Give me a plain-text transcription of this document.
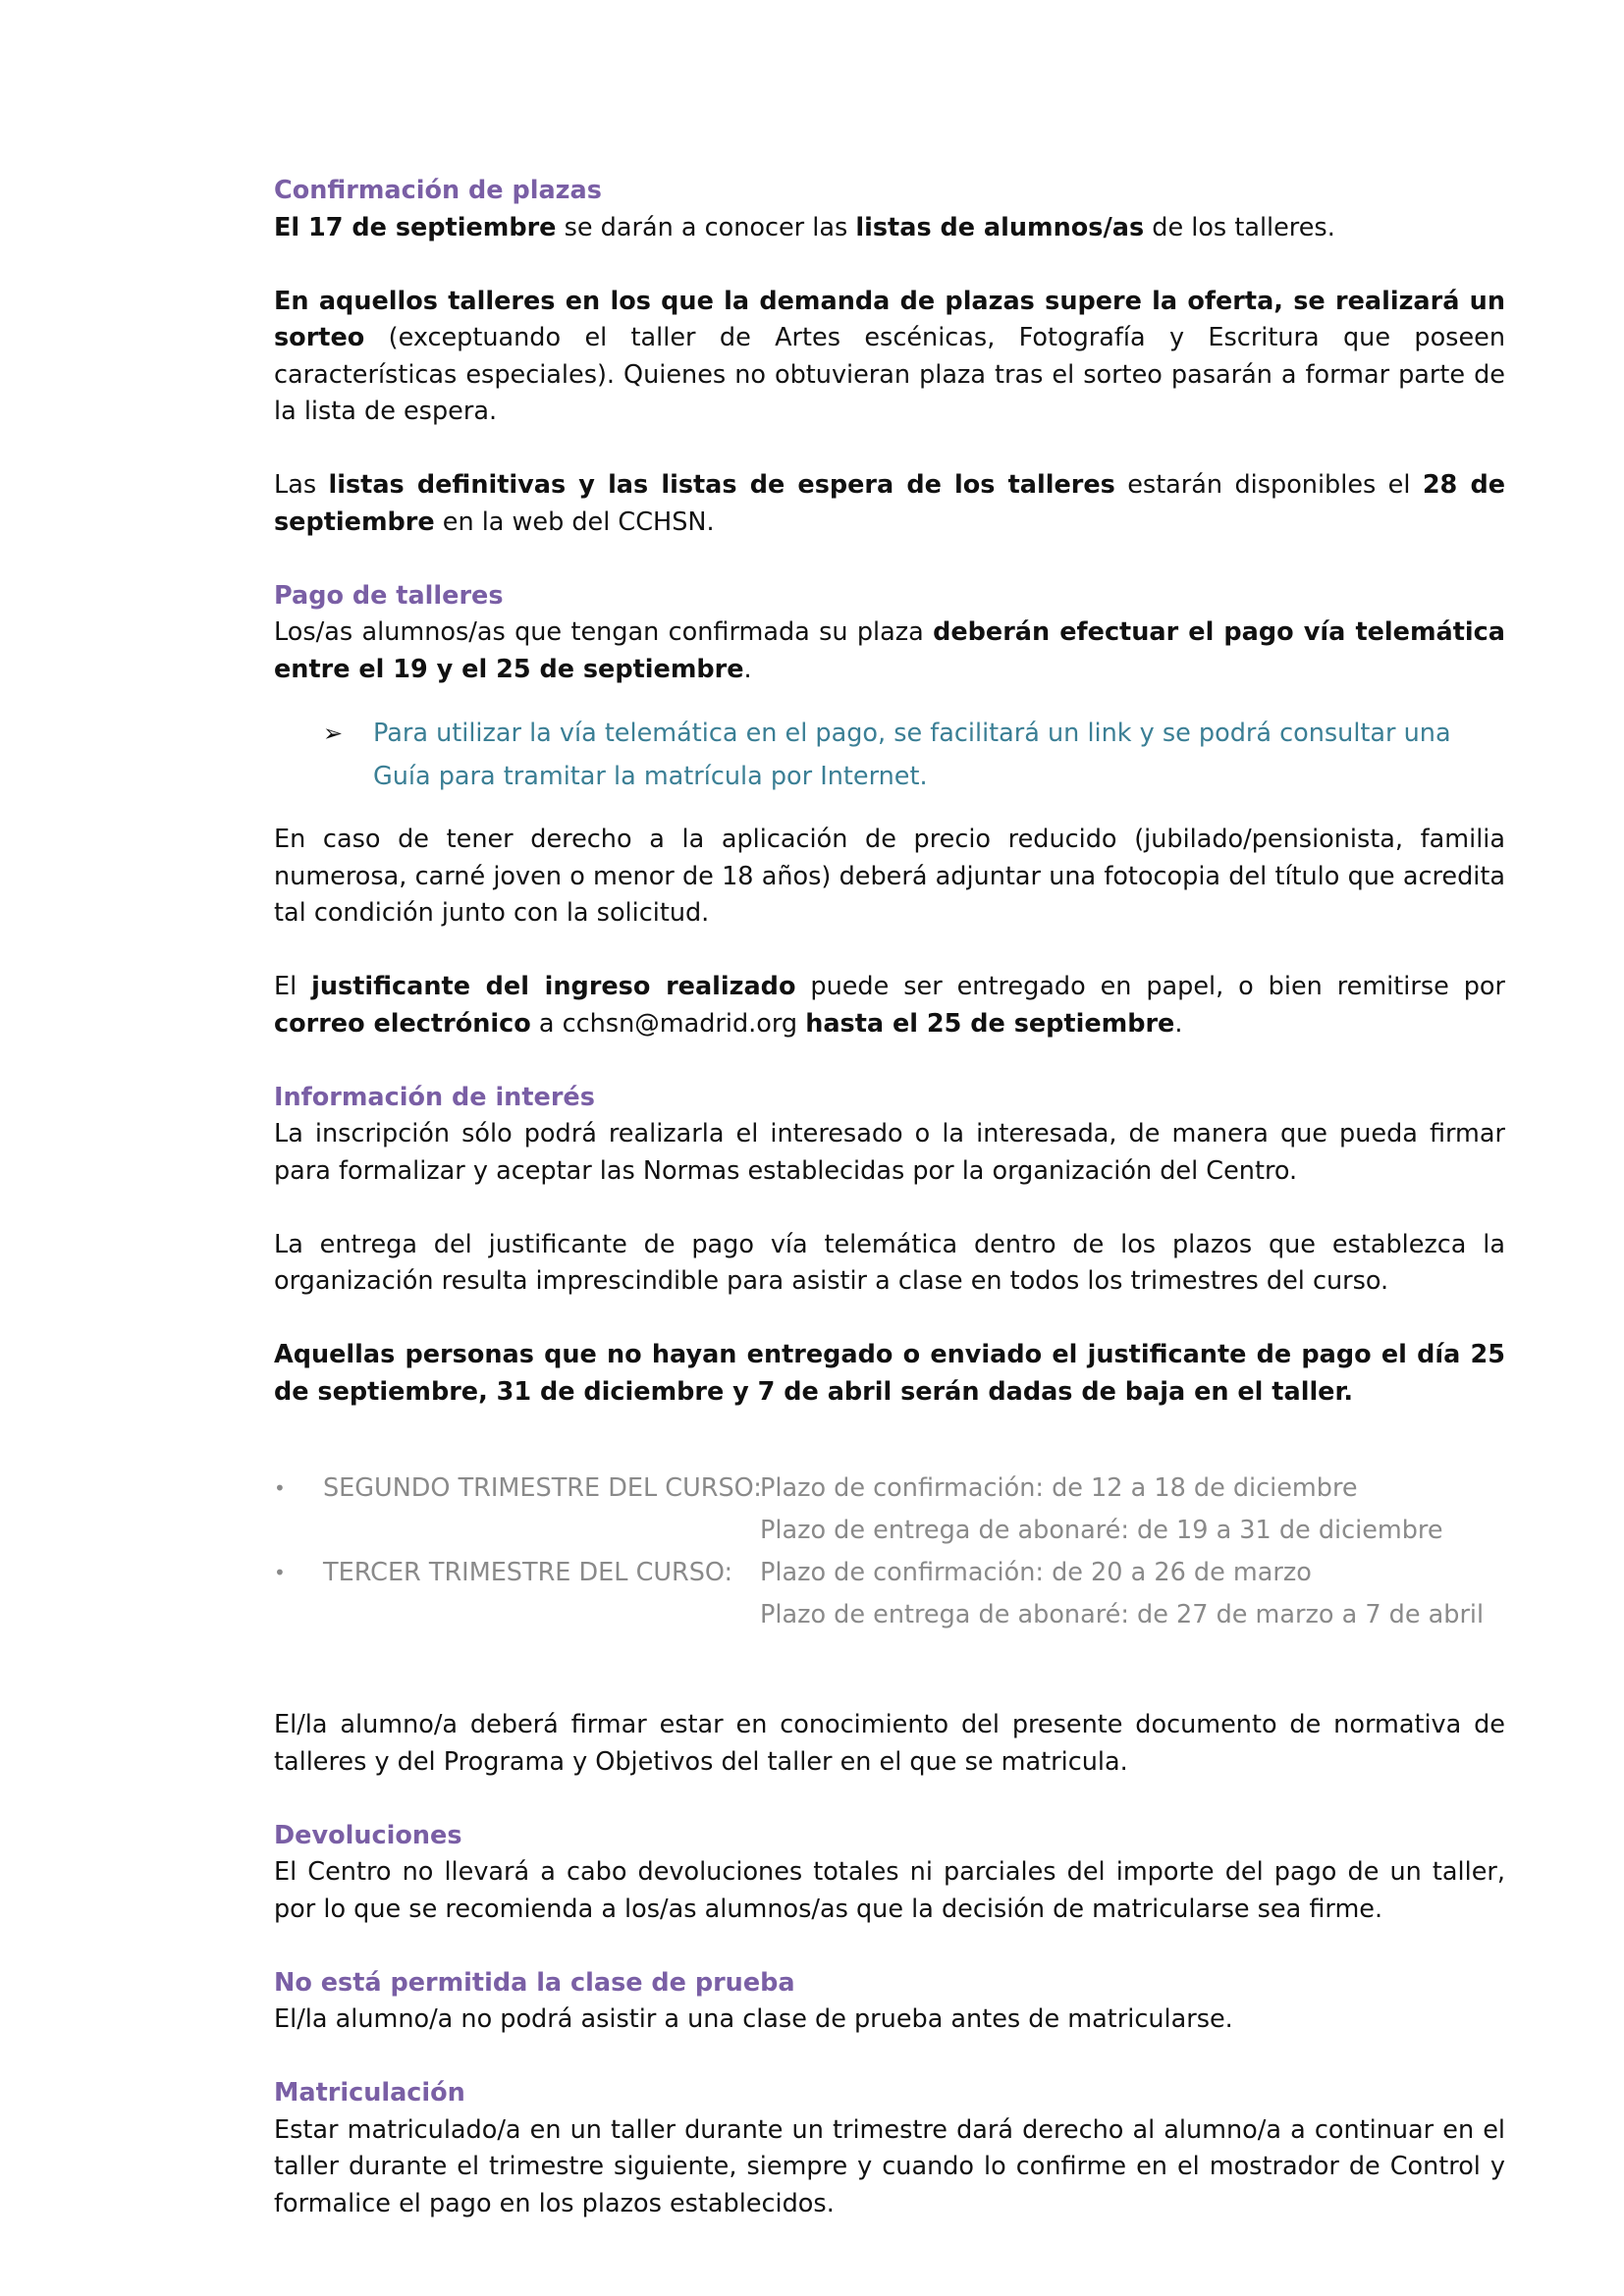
Confirmación de plazas
El 17 de septiembre se darán a conocer las listas de alumnos/as de los talleres.
En aquellos talleres en los que la demanda de plazas supere la oferta, se realizará un sorteo (exceptuando el taller de Artes escénicas, Fotografía y Escritura que poseen características especiales). Quienes no obtuvieran plaza tras el sorteo pasarán a formar parte de la lista de espera.
Las listas definitivas y las listas de espera de los talleres estarán disponibles el 28 de septiembre en la web del CCHSN.
Pago de talleres
Los/as alumnos/as que tengan confirmada su plaza deberán efectuar el pago vía telemática entre el 19 y el 25 de septiembre.
➢ Para utilizar la vía telemática en el pago, se facilitará un link y se podrá consultar una Guía para tramitar la matrícula por Internet.
En caso de tener derecho a la aplicación de precio reducido (jubilado/pensionista, familia numerosa, carné joven o menor de 18 años) deberá adjuntar una fotocopia del título que acredita tal condición junto con la solicitud.
El justificante del ingreso realizado puede ser entregado en papel, o bien remitirse por correo electrónico a cchsn@madrid.org hasta el 25 de septiembre.
Información de interés
La inscripción sólo podrá realizarla el interesado o la interesada, de manera que pueda firmar para formalizar y aceptar las Normas establecidas por la organización del Centro.
La entrega del justificante de pago vía telemática dentro de los plazos que establezca la organización resulta imprescindible para asistir a clase en todos los trimestres del curso.
Aquellas personas que no hayan entregado o enviado el justificante de pago el día 25 de septiembre, 31 de diciembre y 7 de abril serán dadas de baja en el taller.
• SEGUNDO TRIMESTRE DEL CURSO:
Plazo de confirmación: de 12 a 18 de diciembre
Plazo de entrega de abonaré: de 19 a 31 de diciembre
• TERCER TRIMESTRE DEL CURSO: Plazo de confirmación: de 20 a 26 de marzo
Plazo de entrega de abonaré: de 27 de marzo a 7 de abril
El/la alumno/a deberá firmar estar en conocimiento del presente documento de normativa de talleres y del Programa y Objetivos del taller en el que se matricula.
Devoluciones
El Centro no llevará a cabo devoluciones totales ni parciales del importe del pago de un taller, por lo que se recomienda a los/as alumnos/as que la decisión de matricularse sea firme.
No está permitida la clase de prueba
El/la alumno/a no podrá asistir a una clase de prueba antes de matricularse.
Matriculación
Estar matriculado/a en un taller durante un trimestre dará derecho al alumno/a a continuar en el taller durante el trimestre siguiente, siempre y cuando lo confirme en el mostrador de Control y formalice el pago en los plazos establecidos.
